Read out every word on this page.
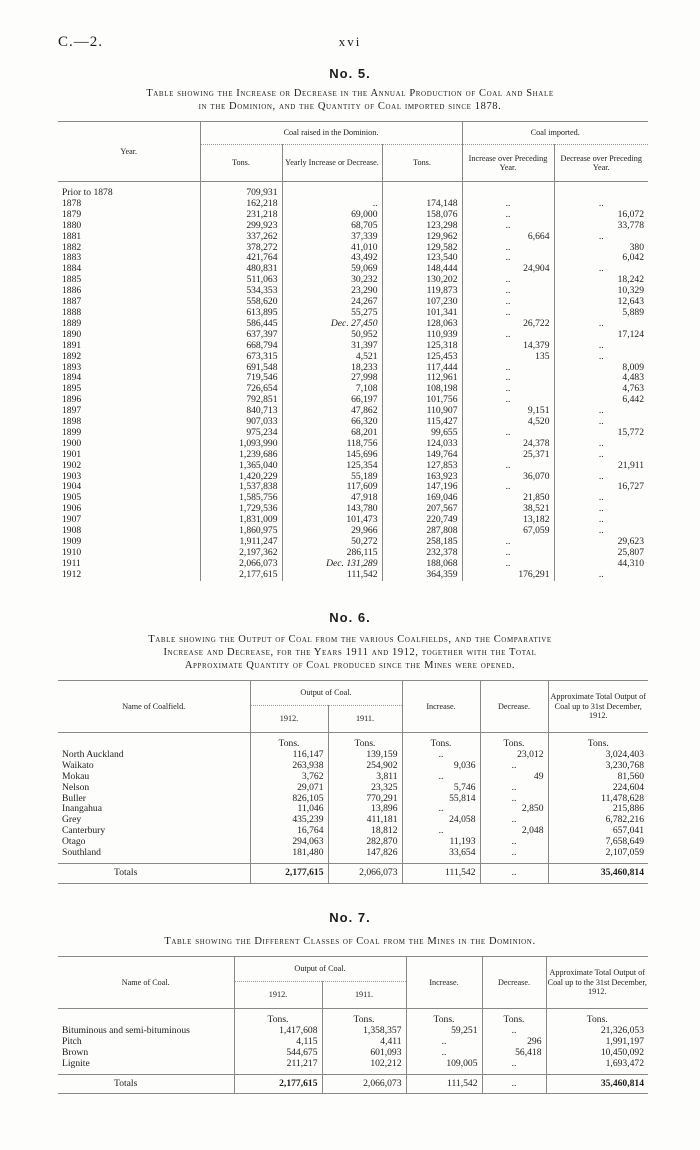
C.—2.	xvi
No. 5.
Table showing the Increase or Decrease in the Annual Production of Coal and Shale
in the Dominion, and the Quantity of Coal imported since 1878.
Year.	Coal raised in the Dominion.			Coal imported.	
	Tons.	Yearly Increase or Decrease.	Tons.	Increase over Preceding Year.	Decrease over Preceding Year.
Prior to 1878	709,931				
1878	162,218	..	174,148	..	..
1879	231,218	69,000	158,076	..	16,072
1880	299,923	68,705	123,298	..	33,778
1881	337,262	37,339	129,962	6,664	..
1882	378,272	41,010	129,582	..	380
1883	421,764	43,492	123,540	..	6,042
1884	480,831	59,069	148,444	24,904	..
1885	511,063	30,232	130,202	..	18,242
1886	534,353	23,290	119,873	..	10,329
1887	558,620	24,267	107,230	..	12,643
1888	613,895	55,275	101,341	..	5,889
1889	586,445	Dec. 27,450	128,063	26,722	..
1890	637,397	50,952	110,939	..	17,124
1891	668,794	31,397	125,318	14,379	..
1892	673,315	4,521	125,453	135	..
1893	691,548	18,233	117,444	..	8,009
1894	719,546	27,998	112,961	..	4,483
1895	726,654	7,108	108,198	..	4,763
1896	792,851	66,197	101,756	..	6,442
1897	840,713	47,862	110,907	9,151	..
1898	907,033	66,320	115,427	4,520	..
1899	975,234	68,201	99,655	..	15,772
1900	1,093,990	118,756	124,033	24,378	..
1901	1,239,686	145,696	149,764	25,371	..
1902	1,365,040	125,354	127,853	..	21,911
1903	1,420,229	55,189	163,923	36,070	..
1904	1,537,838	117,609	147,196	..	16,727
1905	1,585,756	47,918	169,046	21,850	..
1906	1,729,536	143,780	207,567	38,521	..
1907	1,831,009	101,473	220,749	13,182	..
1908	1,860,975	29,966	287,808	67,059	..
1909	1,911,247	50,272	258,185	..	29,623
1910	2,197,362	286,115	232,378	..	25,807
1911	2,066,073	Dec. 131,289	188,068	..	44,310
1912	2,177,615	111,542	364,359	176,291	..
No. 6.
Table showing the Output of Coal from the various Coalfields, and the Comparative
Increase and Decrease, for the Years 1911 and 1912, together with the Total
Approximate Quantity of Coal produced since the Mines were opened.
Name of Coalfield.	Output of Coal.		Increase.	Decrease.	Approximate Total Output of Coal up to 31st December, 1912.
	1912.	1911.			
	Tons.	Tons.	Tons.	Tons.	Tons.
North Auckland	116,147	139,159	..	23,012	3,024,403
Waikato	263,938	254,902	9,036	..	3,230,768
Mokau	3,762	3,811	..	49	81,560
Nelson	29,071	23,325	5,746	..	224,604
Buller	826,105	770,291	55,814	..	11,478,628
Inangahua	11,046	13,896	..	2,850	215,886
Grey	435,239	411,181	24,058	..	6,782,216
Canterbury	16,764	18,812	..	2,048	657,041
Otago	294,063	282,870	11,193	..	7,658,649
Southland	181,480	147,826	33,654	..	2,107,059
Totals	2,177,615	2,066,073	111,542	..	35,460,814
No. 7.
Table showing the Different Classes of Coal from the Mines in the Dominion.
Name of Coal.	Output of Coal.		Increase.	Decrease.	Approximate Total Output of Coal up to the 31st December, 1912.
	1912.	1911.			
	Tons.	Tons.	Tons.	Tons.	Tons.
Bituminous and semi-bituminous	1,417,608	1,358,357	59,251	..	21,326,053
Pitch	4,115	4,411	..	296	1,991,197
Brown	544,675	601,093	..	56,418	10,450,092
Lignite	211,217	102,212	109,005	..	1,693,472
Totals	2,177,615	2,066,073	111,542	..	35,460,814
